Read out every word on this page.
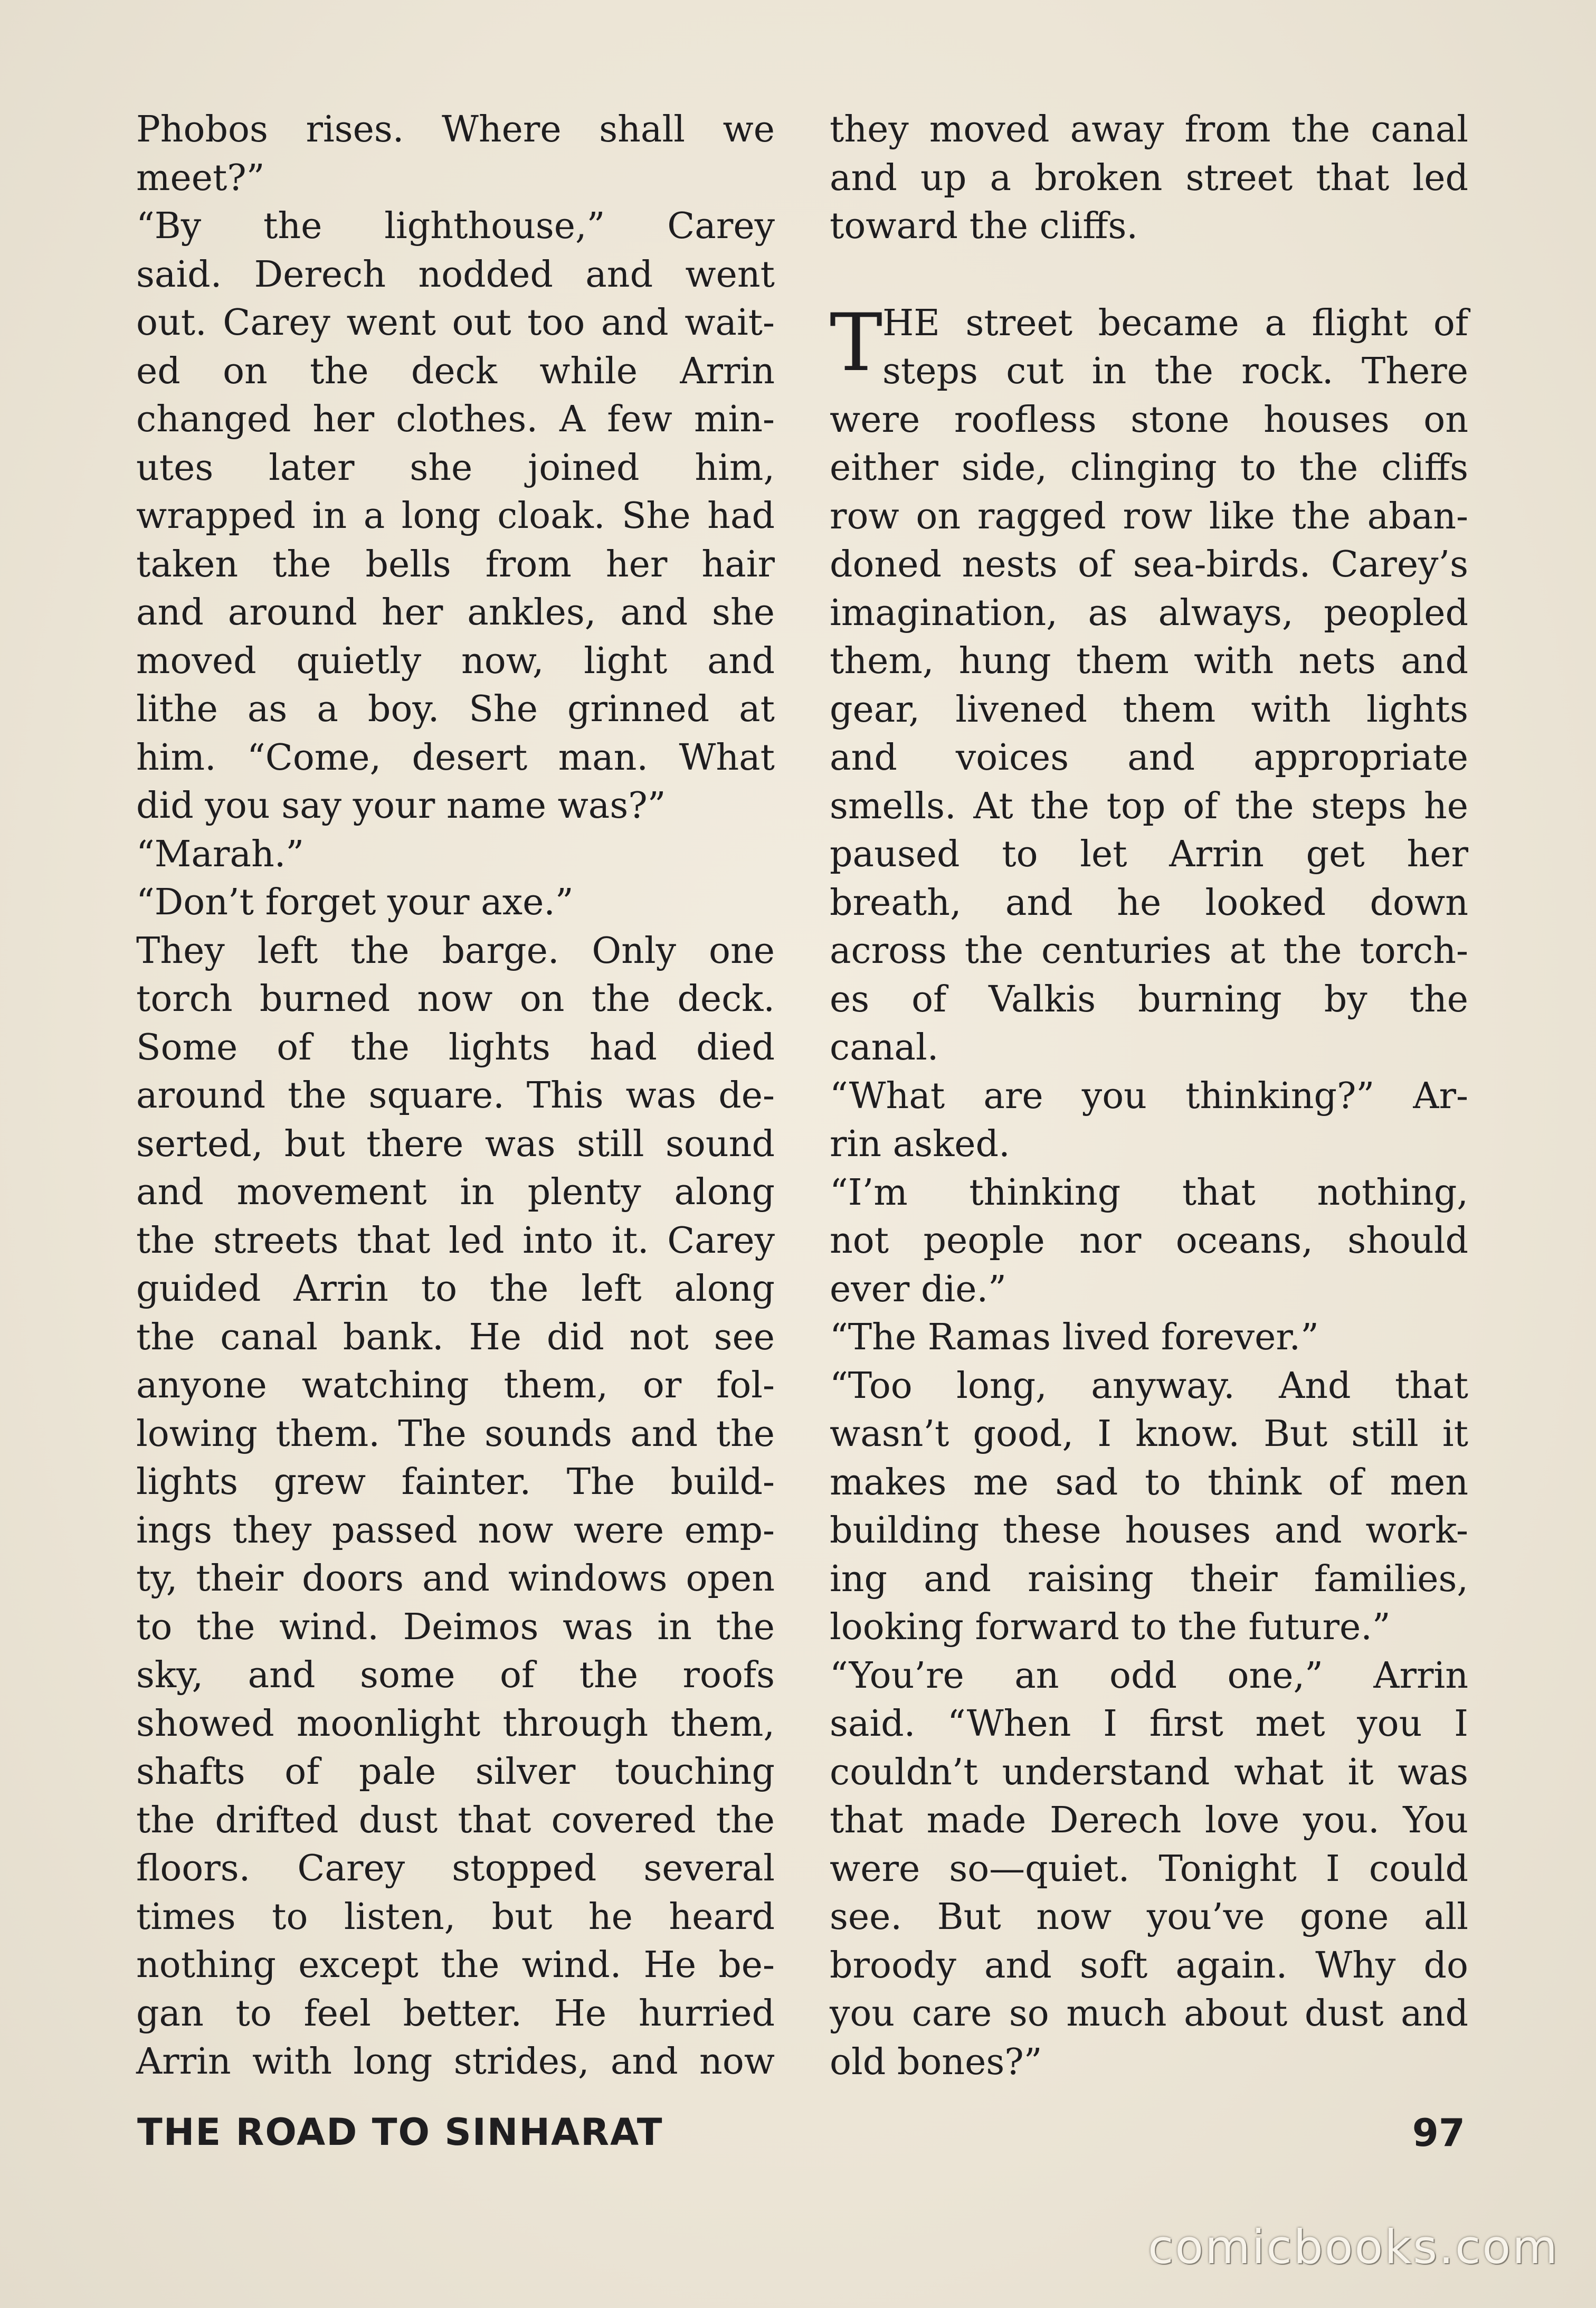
Phobos rises. Where shall we
meet?”
“By the lighthouse,” Carey
said. Derech nodded and went
out. Carey went out too and wait-
ed on the deck while Arrin
changed her clothes. A few min-
utes later she joined him,
wrapped in a long cloak. She had
taken the bells from her hair
and around her ankles, and she
moved quietly now, light and
lithe as a boy. She grinned at
him. “Come, desert man. What
did you say your name was?”
“Marah.”
“Don’t forget your axe.”
They left the barge. Only one
torch burned now on the deck.
Some of the lights had died
around the square. This was de-
serted, but there was still sound
and movement in plenty along
the streets that led into it. Carey
guided Arrin to the left along
the canal bank. He did not see
anyone watching them, or fol-
lowing them. The sounds and the
lights grew fainter. The build-
ings they passed now were emp-
ty, their doors and windows open
to the wind. Deimos was in the
sky, and some of the roofs
showed moonlight through them,
shafts of pale silver touching
the drifted dust that covered the
floors. Carey stopped several
times to listen, but he heard
nothing except the wind. He be-
gan to feel better. He hurried
Arrin with long strides, and now
they moved away from the canal
and up a broken street that led
toward the cliffs.
T HE street became a flight of
steps cut in the rock. There
were roofless stone houses on
either side, clinging to the cliffs
row on ragged row like the aban-
doned nests of sea-birds. Carey’s
imagination, as always, peopled
them, hung them with nets and
gear, livened them with lights
and voices and appropriate
smells. At the top of the steps he
paused to let Arrin get her
breath, and he looked down
across the centuries at the torch-
es of Valkis burning by the
canal.
“What are you thinking?” Ar-
rin asked.
“I’m thinking that nothing,
not people nor oceans, should
ever die.”
“The Ramas lived forever.”
“Too long, anyway. And that
wasn’t good, I know. But still it
makes me sad to think of men
building these houses and work-
ing and raising their families,
looking forward to the future.”
“You’re an odd one,” Arrin
said. “When I first met you I
couldn’t understand what it was
that made Derech love you. You
were so—quiet. Tonight I could
see. But now you’ve gone all
broody and soft again. Why do
you care so much about dust and
old bones?”
THE ROAD TO SINHARAT	97
comicbooks.com
